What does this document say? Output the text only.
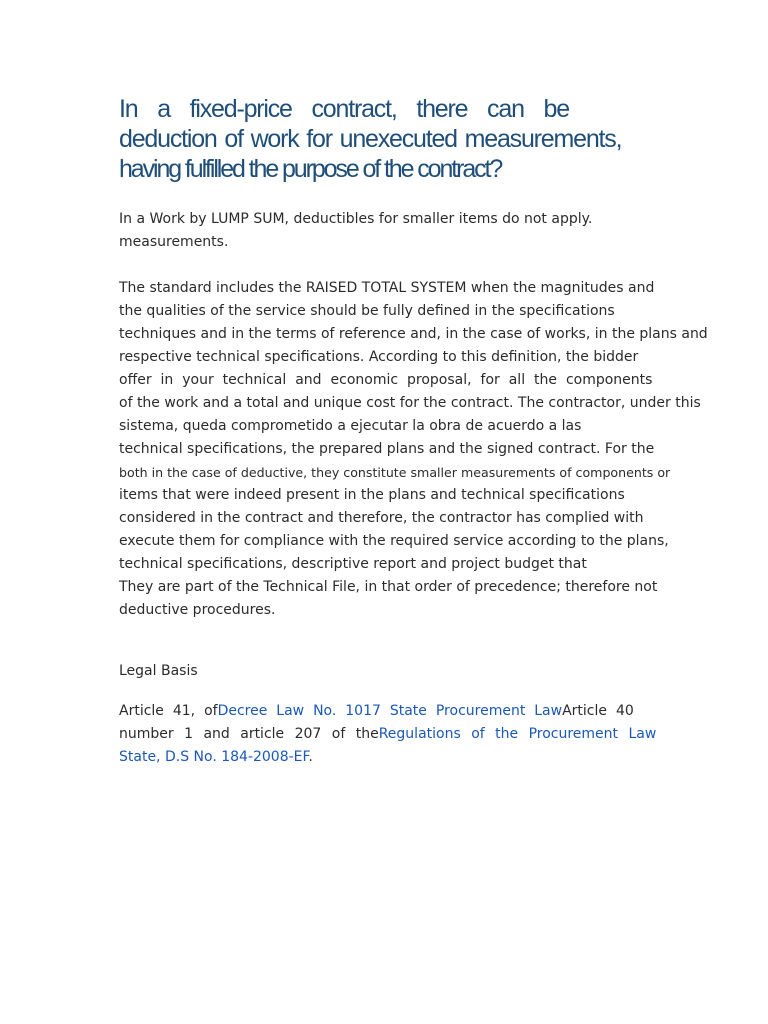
In a fixed-price contract, there can be
deduction of work for unexecuted measurements,
having fulfilled the purpose of the contract?

In a Work by LUMP SUM, deductibles for smaller items do not apply.
measurements.

The standard includes the RAISED TOTAL SYSTEM when the magnitudes and
the qualities of the service should be fully defined in the specifications
techniques and in the terms of reference and, in the case of works, in the plans and
respective technical specifications. According to this definition, the bidder
offer in your technical and economic proposal, for all the components
of the work and a total and unique cost for the contract. The contractor, under this
sistema, queda comprometido a ejecutar la obra de acuerdo a las
technical specifications, the prepared plans and the signed contract. For the
both in the case of deductive, they constitute smaller measurements of components or
items that were indeed present in the plans and technical specifications
considered in the contract and therefore, the contractor has complied with
execute them for compliance with the required service according to the plans,
technical specifications, descriptive report and project budget that
They are part of the Technical File, in that order of precedence; therefore not
deductive procedures.

Legal Basis

Article 41, ofDecree Law No. 1017 State Procurement LawArticle 40
number 1 and article 207 of theRegulations of the Procurement Law
State, D.S No. 184-2008-EF.
